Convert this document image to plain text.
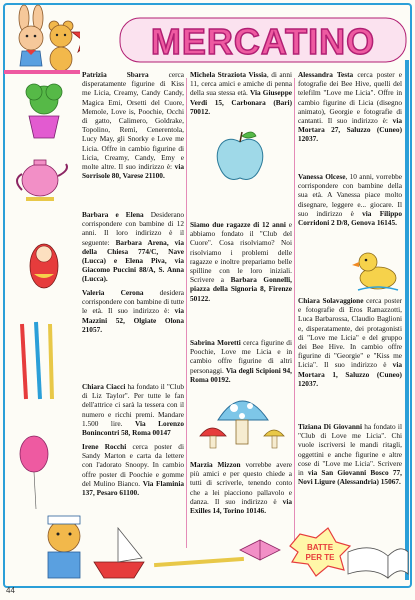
MERCATINO
Patrizia Sbarra cerca disperatamente figurine di Kiss me Licia, Creamy, Candy Candy, Magica Emi, Orsetti del Cuore, Memole, Love is, Poochie, Occhi di gatto, Calimero, Goldrake, Topolino, Remì, Cenerentola, Lucy May, gli Snorky e Love me Licia. Offre in cambio figurine di Licia, Creamy, Candy, Emy e molte altre. Il suo indirizzo è: via Sorrisole 80, Varese 21100.
Barbara e Elena Desiderano corrispondere con bambine di 12 anni. Il loro indirizzo è il seguente: Barbara Arena, via della Chiesa 774/C, Nave (Lucca) e Elena Piva, via Giacomo Puccini 88/A, S. Anna (Lucca).
Valeria Cerona desidera corrispondere con bambine di tutte le età. Il suo indirizzo è: via Mazzini 52, Olgiate Olona 21057.
Chiara Ciacci ha fondato il "Club di Liz Taylor". Per tutte le fan dell'attrice ci sarà la tessera con il numero e ricchi premi. Mandare 1.500 lire. Via Lorenzo Bonincontri 58, Roma 00147
Irene Rocchi cerca poster di Sandy Marton e carta da lettere con l'adorato Snoopy. In cambio offre poster di Poochie e gomme del Mulino Bianco. Via Flaminia 137, Pesaro 61100.
Michela Straziota Vissia, di anni 11, cerca amici e amiche di penna della sua stessa età. Via Giuseppe Verdi 15, Carbonara (Bari) 70012.
Siamo due ragazze di 12 anni e abbiamo fondato il "Club del Cuore". Cosa risolviamo? Noi risolviamo i problemi delle ragazze e inoltre prepariamo belle spilline con le loro iniziali. Scrivere a Barbara Gonnelli, piazza della Signoria 8, Firenze 50122.
Sabrina Moretti cerca figurine di Poochie, Love me Licia e in cambio offre figurine di altri personaggi. Via degli Scipioni 94, Roma 00192.
Marzia Mizzon vorrebbe avere più amici e per questo chiede a tutti di scriverle, tenendo conto che a lei piacciono pallavolo e danza. Il suo indirizzo è via Exilles 14, Torino 10146.
Alessandra Testa cerca poster e fotografie dei Bee Hive, quelli del telefilm "Love me Licia". Offre in cambio figurine di Licia (disegno animato), Georgie e fotografie di cantanti. Il suo indirizzo è: via Mortara 27, Saluzzo (Cuneo) 12037.
Vanessa Olcese, 10 anni, vorrebbe corrispondere con bambine della sua età. A Vanessa piace molto disegnare, leggere e... giocare. Il suo indirizzo è via Filippo Corridoni 2 D/8, Genova 16145.
Chiara Solavaggione cerca poster e fotografie di Eros Ramazzotti, Luca Barbarossa, Claudio Baglioni e, disperatamente, dei protagonisti di "Love me Licia" e del gruppo dei Bee Hive. In cambio offre figurine di "Georgie" e "Kiss me Licia". Il suo indirizzo è via Mortara 1, Saluzzo (Cuneo) 12037.
Tiziana Di Giovanni ha fondato il "Club di Love me Licia". Chi vuole iscriversi le mandi ritagli, oggettini e anche figurine e altre cose di "Love me Licia". Scrivere in via San Giovanni Bosco 77, Novi Ligure (Alessandria) 15067.
BATTE
PER TE
44
